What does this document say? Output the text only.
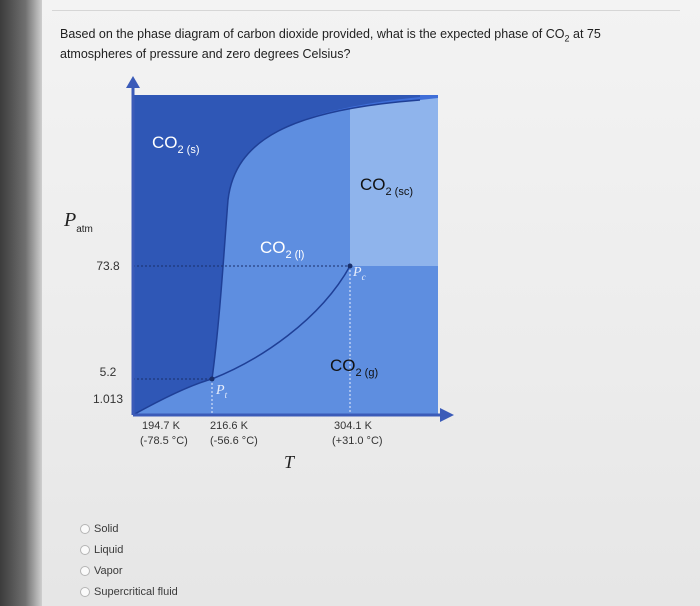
Based on the phase diagram of carbon dioxide provided, what is the expected phase of $CO_2$ at 75 atmospheres of pressure and zero degrees Celsius?
$P_{atm}$
T
73.8
5.2
1.013
194.7 K
(-78.5 °C)
216.6 K
(-56.6 °C)
304.1 K
(+31.0 °C)
$CO_{2 (s)}$
$CO_{2 (l)}$
$CO_{2 (sc)}$
$CO_{2 (g)}$
$P_t$
$P_c$
Solid
Liquid
Vapor
Supercritical fluid
